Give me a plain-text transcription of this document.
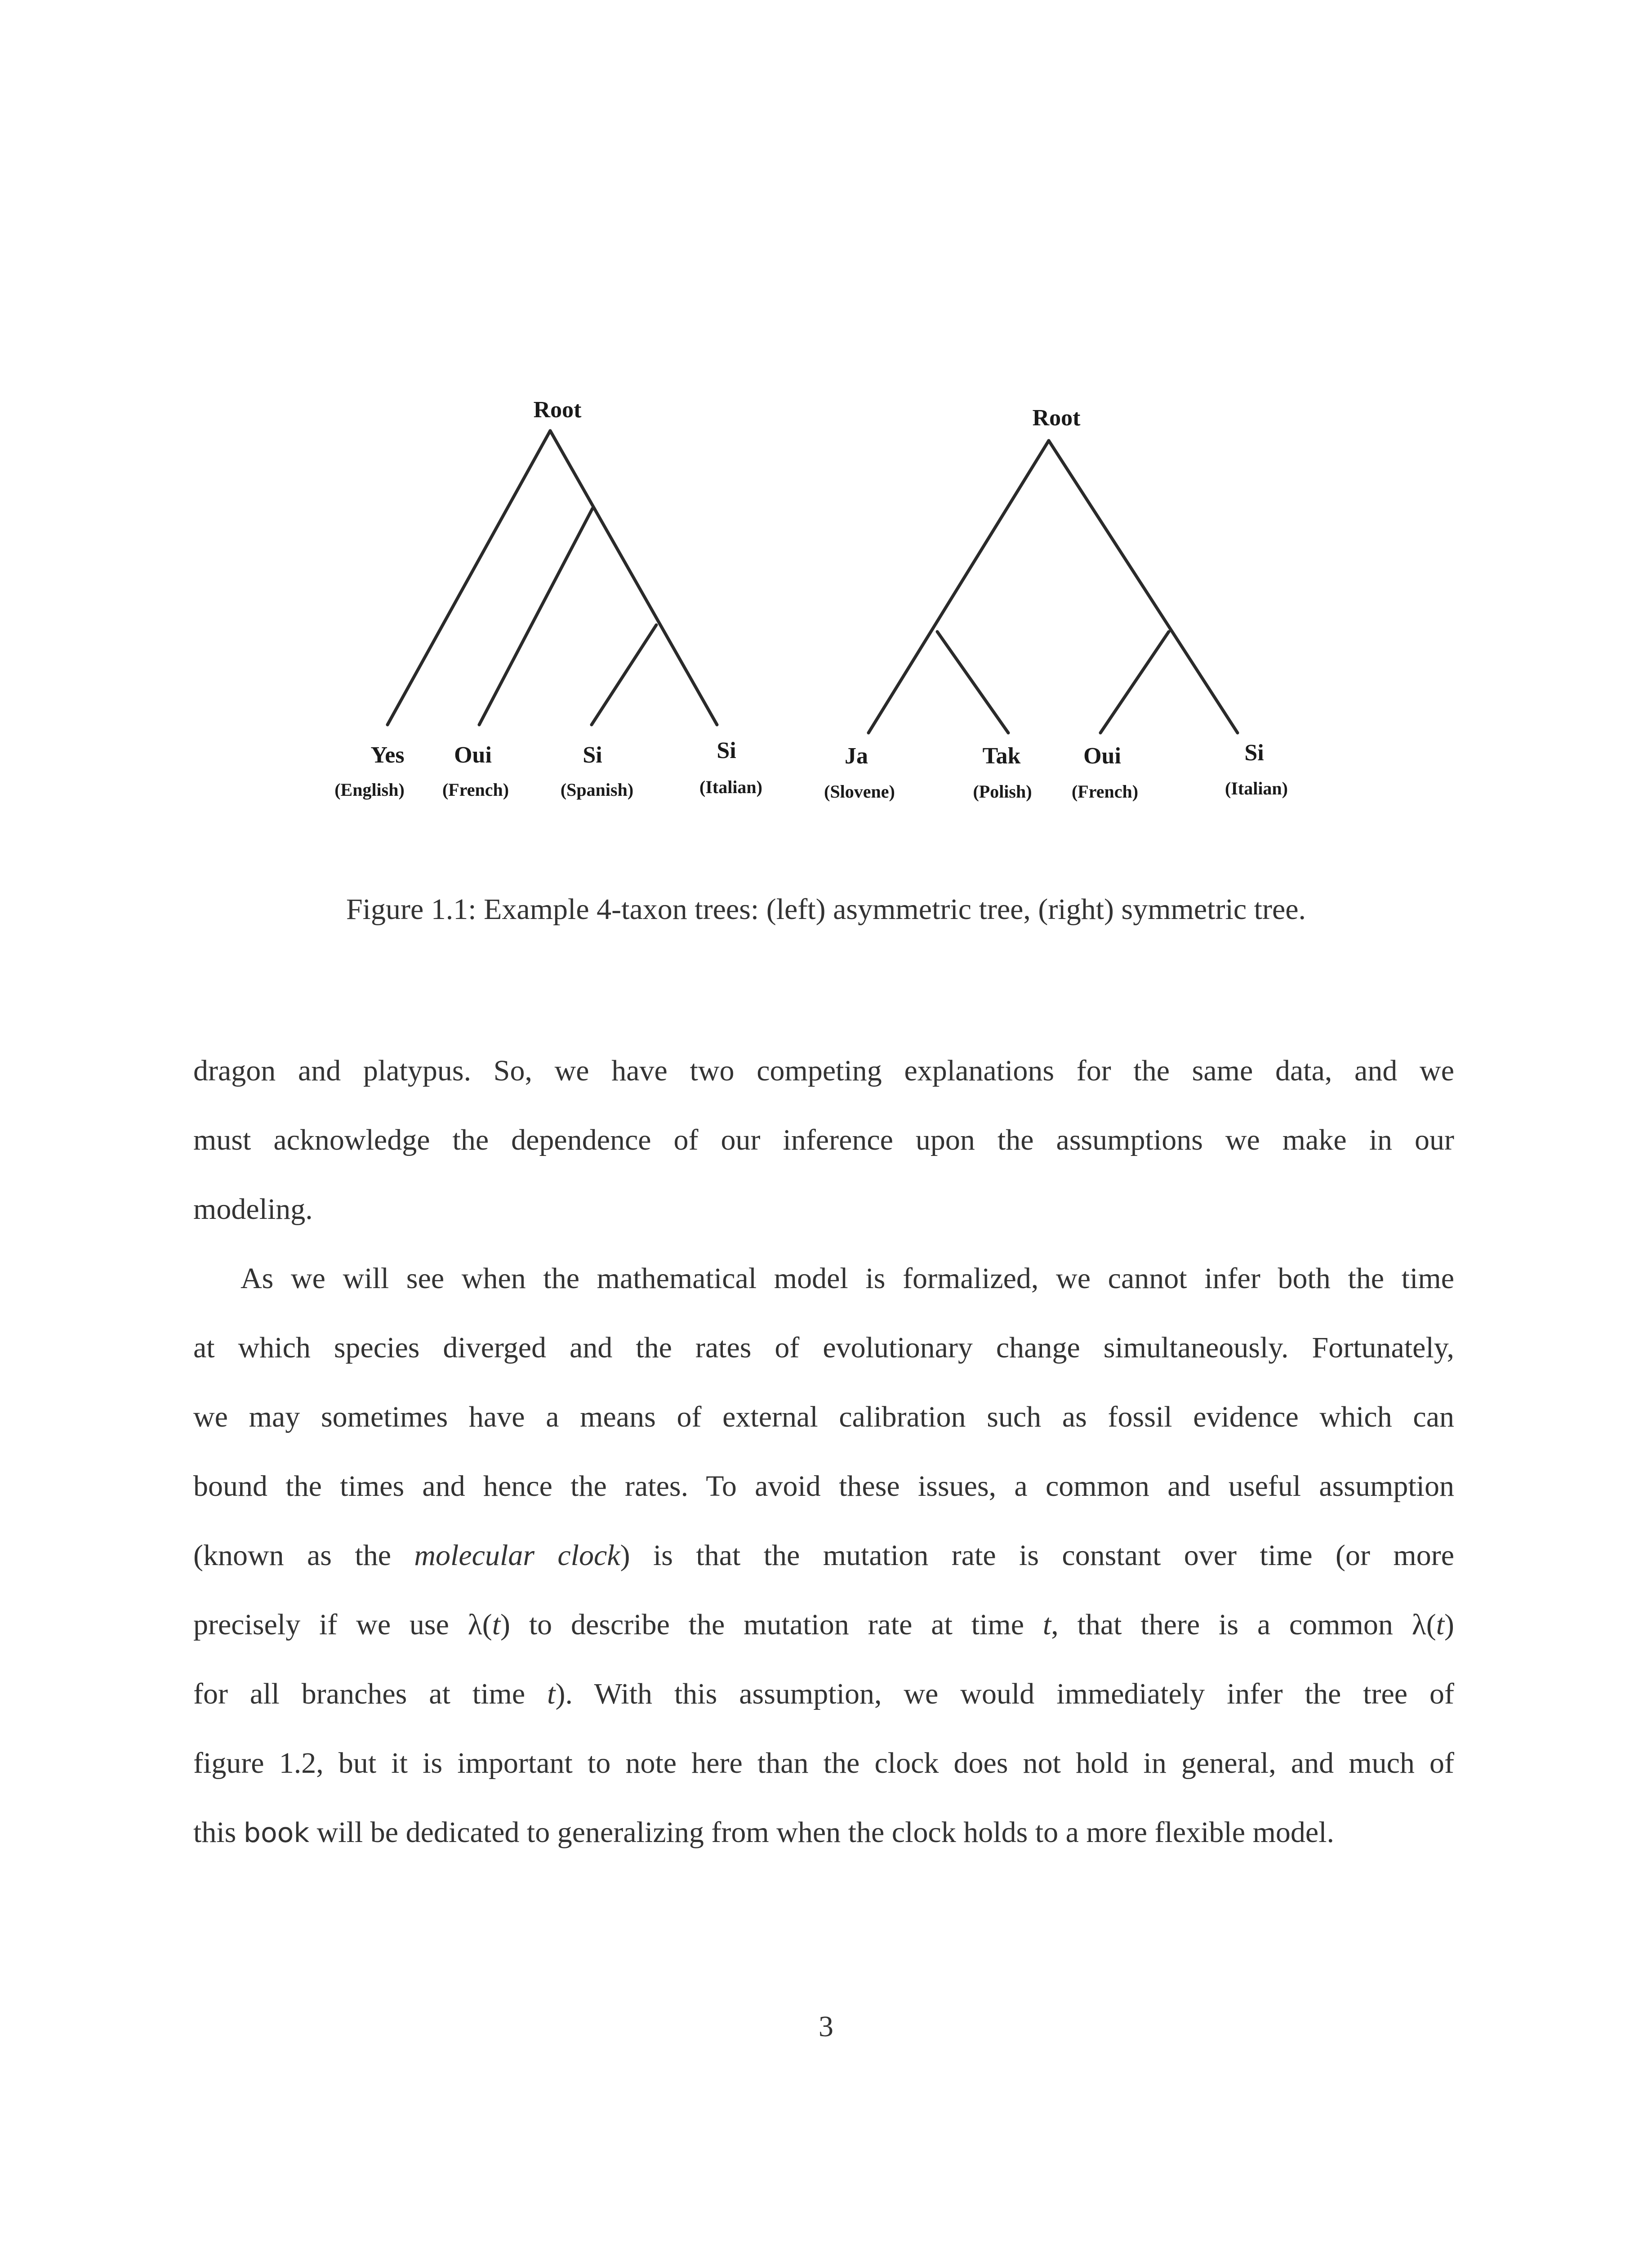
Root
Yes
(English)
Oui
(French)
Si
(Spanish)
Si
(Italian)
Root
Ja
(Slovene)
Tak
(Polish)
Oui
(French)
Si
(Italian)
Figure 1.1: Example 4-taxon trees: (left) asymmetric tree, (right) symmetric tree.
dragon and platypus. So, we have two competing explanations for the same data, and we
must acknowledge the dependence of our inference upon the assumptions we make in our
modeling.
As we will see when the mathematical model is formalized, we cannot infer both the time
at which species diverged and the rates of evolutionary change simultaneously. Fortunately,
we may sometimes have a means of external calibration such as fossil evidence which can
bound the times and hence the rates. To avoid these issues, a common and useful assumption
(known as the molecular clock) is that the mutation rate is constant over time (or more
precisely if we use λ(t) to describe the mutation rate at time t, that there is a common λ(t)
for all branches at time t). With this assumption, we would immediately infer the tree of
figure 1.2, but it is important to note here than the clock does not hold in general, and much of
this book will be dedicated to generalizing from when the clock holds to a more flexible model.
3
